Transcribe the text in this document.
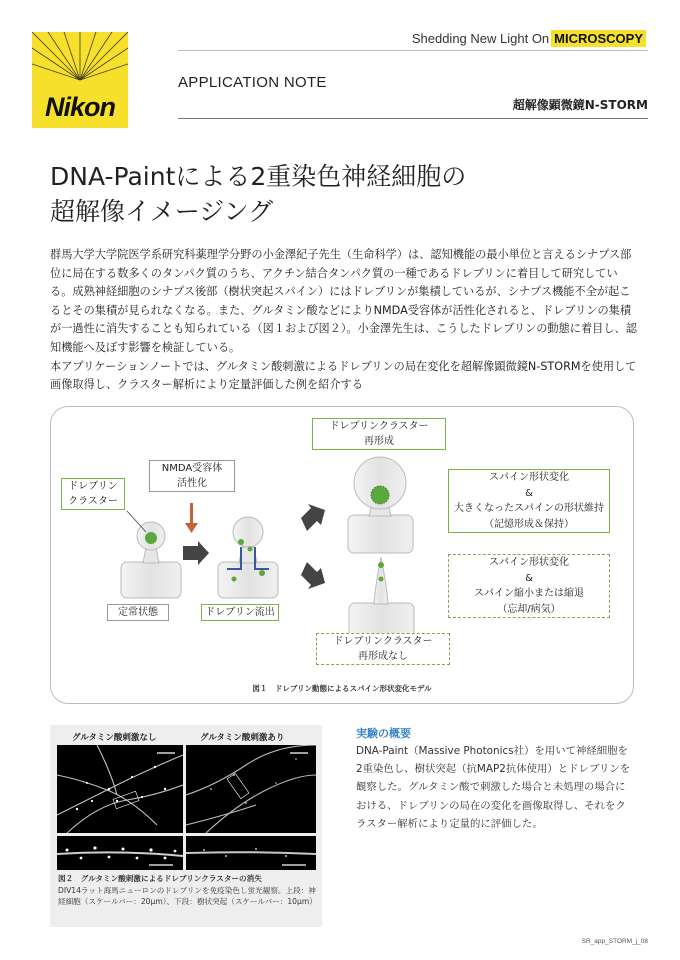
Nikon
Shedding New Light On MICROSCOPY
APPLICATION NOTE
超解像顕微鏡N-STORM
DNA-Paintによる2重染色神経細胞の
超解像イメージング

群馬大学大学院医学系研究科薬理学分野の小金澤紀子先生（生命科学）は、認知機能の最小単位と言えるシナプス部位に局在する数多くのタンパク質のうち、アクチン結合タンパク質の一種であるドレブリンに着目して研究している。成熟神経細胞のシナプス後部（樹状突起スパイン）にはドレブリンが集積しているが、シナプス機能不全が起こるとその集積が見られなくなる。また、グルタミン酸などによりNMDA受容体が活性化されると、ドレブリンの集積が一過性に消失することも知られている（図１および図２）。小金澤先生は、こうしたドレブリンの動態に着目し、認知機能へ及ぼす影響を検証している。

本アプリケーションノートでは、グルタミン酸刺激によるドレブリンの局在変化を超解像顕微鏡N-STORMを使用して画像取得し、クラスター解析により定量評価した例を紹介する

ドレブリン
クラスター
NMDA受容体
活性化
定常状態	ドレブリン流出
ドレブリンクラスター
再形成
ドレブリンクラスター
再形成なし
スパイン形状変化
&
大きくなったスパインの形状維持
（記憶形成＆保持）
スパイン形状変化
&
スパイン縮小または縮退
（忘却/病気）
図１　ドレブリン動態によるスパイン形状変化モデル
グルタミン酸刺激なし	グルタミン酸刺激あり
図２　グルタミン酸刺激によるドレブリンクラスターの消失
DIV14ラット海馬ニューロンのドレブリンを免疫染色し蛍光観察。上段：神経細胞（スケールバー：20μm）、下段：樹状突起（スケールバー：10μm）
実験の概要
DNA-Paint（Massive Photonics社）を用いて神経細胞を2重染色し、樹状突起（抗MAP2抗体使用）とドレブリンを観察した。グルタミン酸で刺激した場合と未処理の場合における、ドレブリンの局在の変化を画像取得し、それをクラスター解析により定量的に評価した。
SR_app_STORM_j_08
